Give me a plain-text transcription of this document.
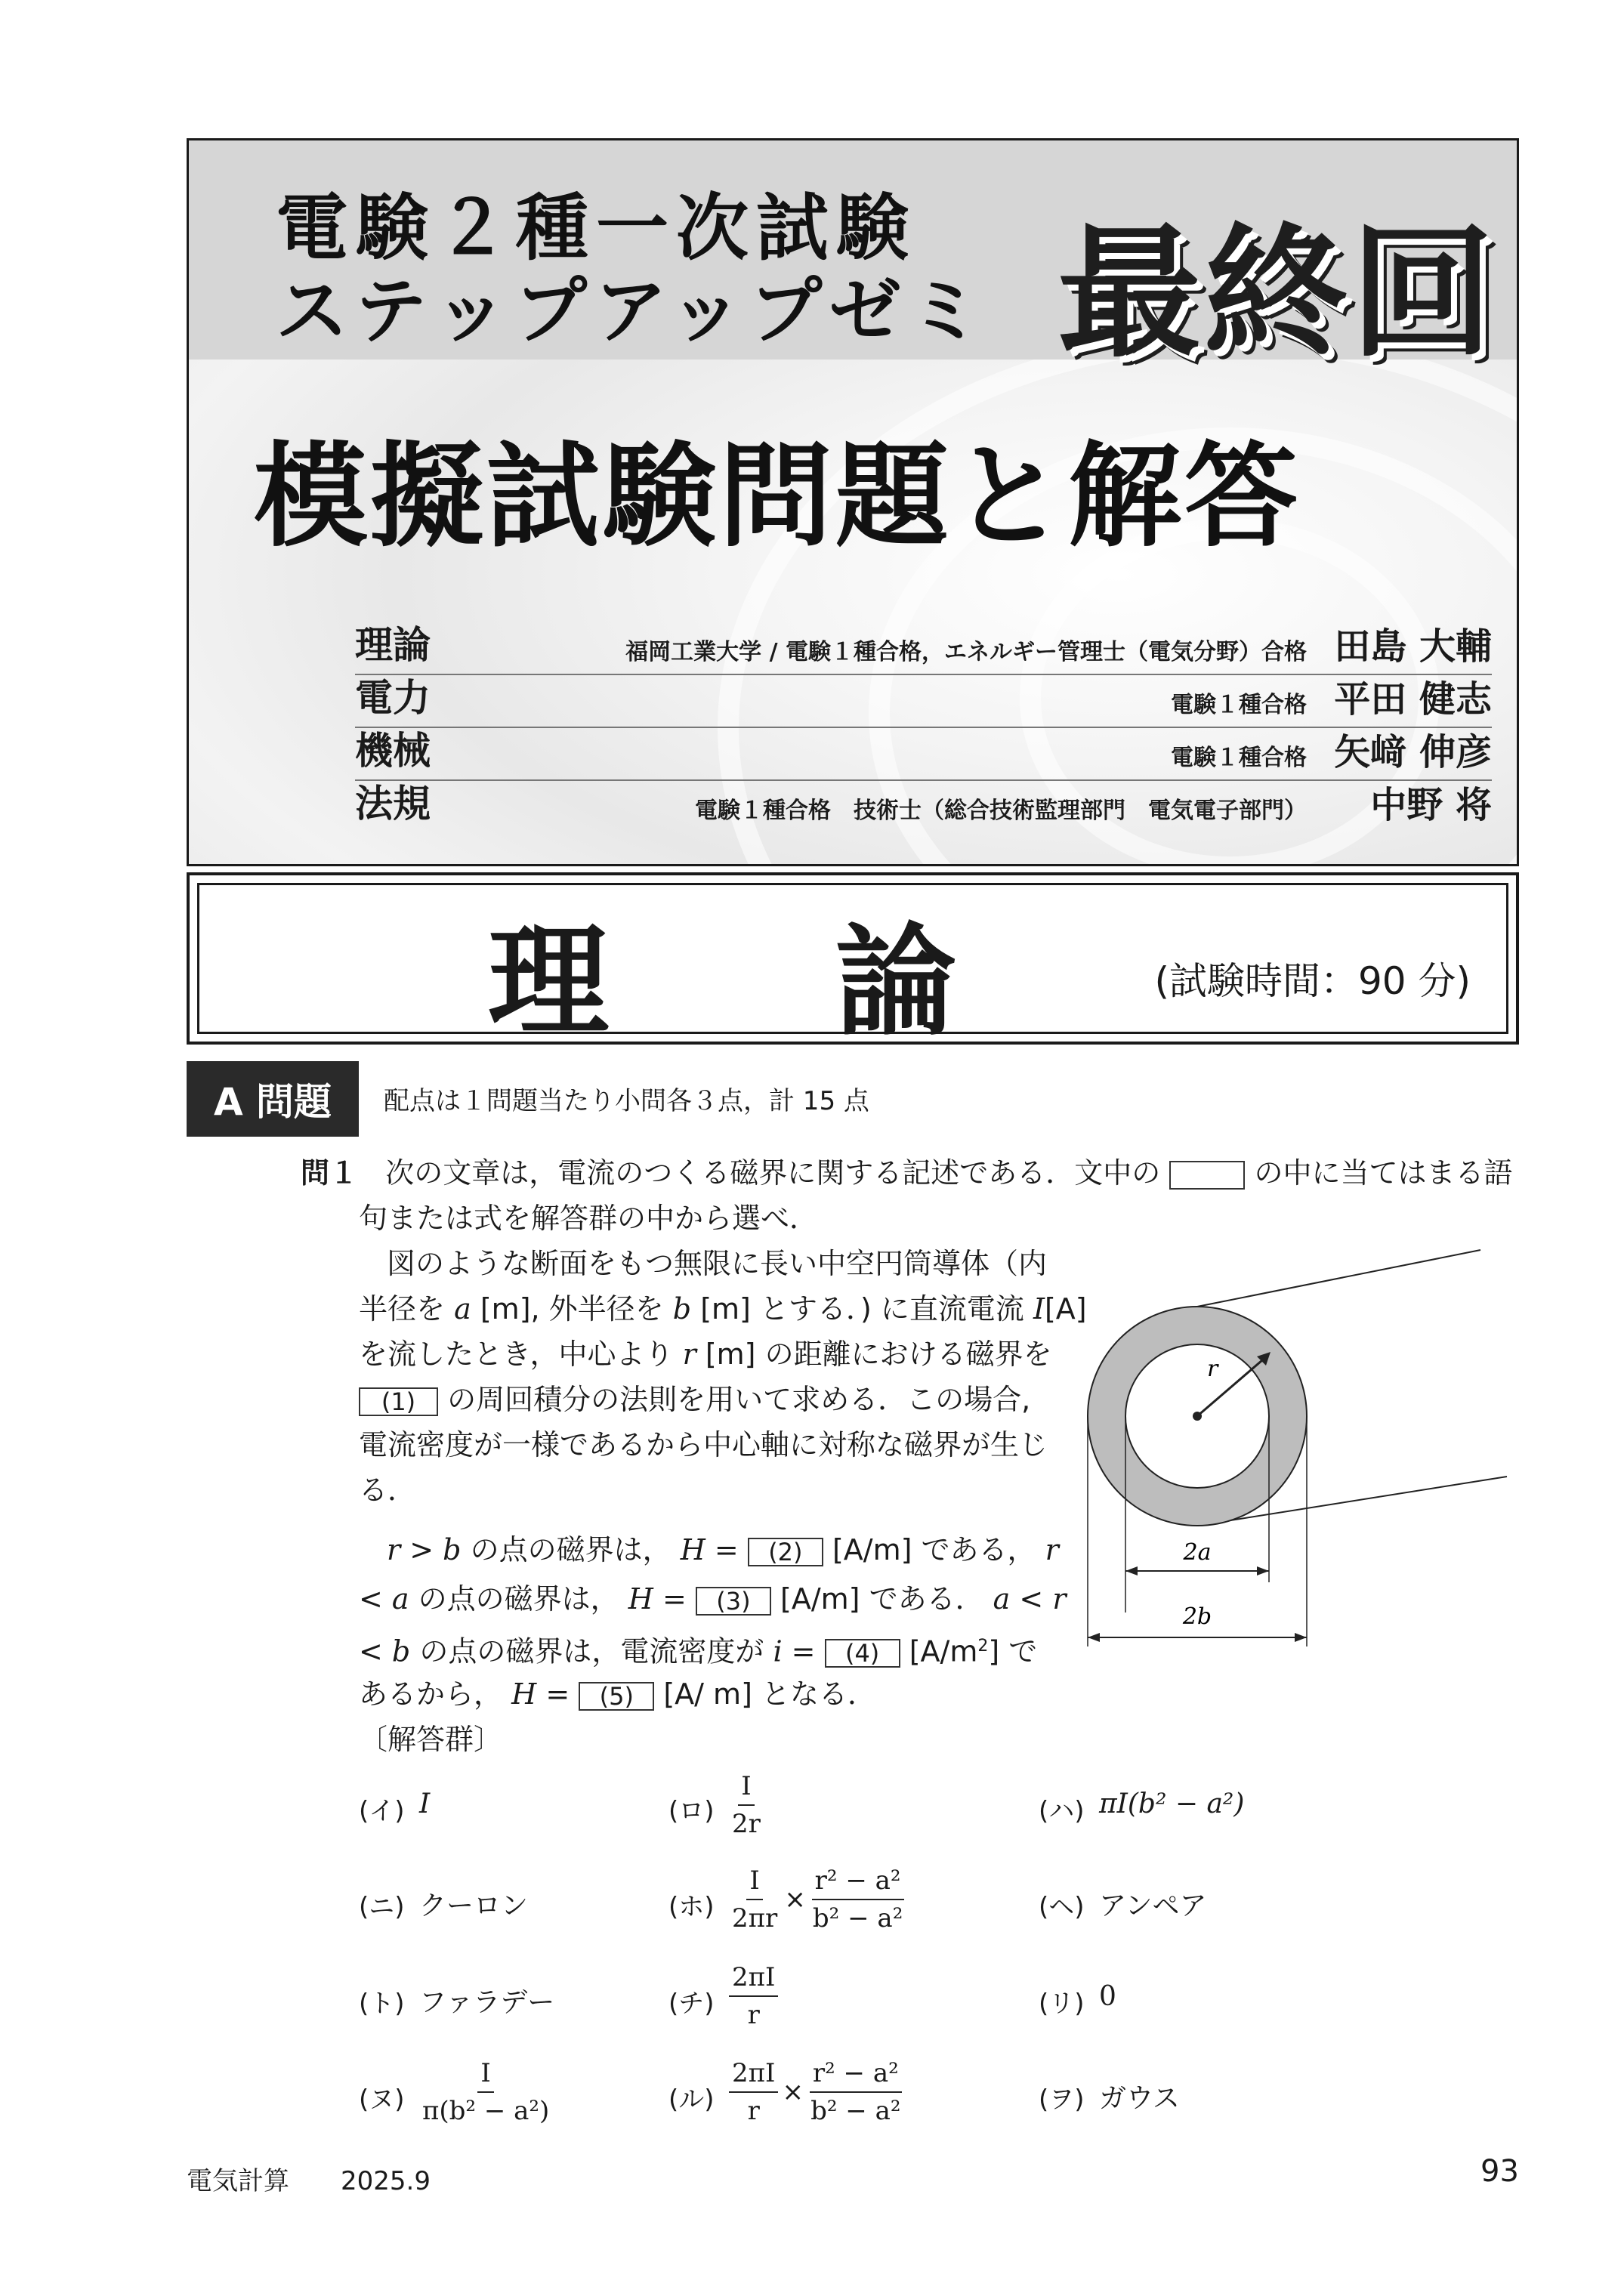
電験２種一次試験
ステップアップゼミ 最終回
模擬試験問題と解答
理論	福岡工業大学 / 電験１種合格，エネルギー管理士（電気分野）合格 田島 大輔
電力	電験１種合格 平田 健志
機械	電験１種合格 矢﨑 伸彦
法規	電験１種合格　技術士（総合技術監理部門　電気電子部門） 中野 将
理論
(試験時間：90 分)
A 問題	配点は１問題当たり小問各３点，計 15 点
問１ 次の文章は，電流のつくる磁界に関する記述である．文中の	の中に当てはまる語
句または式を解答群の中から選べ．
図のような断面をもつ無限に長い中空円筒導体（内
半径を a [m], 外半径を b [m] とする．) に直流電流 I[A]
を流したとき，中心より r [m] の距離における磁界を
(1) の周回積分の法則を用いて求める．この場合,
電流密度が一様であるから中心軸に対称な磁界が生じ
る．
r > b の点の磁界は， H = (2) [A/m] である， r
< a の点の磁界は， H = (3) [A/m] である． a < r
< b の点の磁界は，電流密度が i = (4) $[A/m^2]$ で
あるから， H = (5) [A/ m] となる．
〔解答群〕
r
2a
2b
(イ) I	(ロ) $\frac{I}{2r}$	(ハ) πI(b² − a²)
(ニ) クーロン	(ホ) $\frac{I}{2\pi r} \times \frac{\text{r² − a²}}{\text{b² − a²}}$	(ヘ) アンペア
(ト) ファラデー	(チ) $\frac{2\pi I}{r}$	(リ) 0
(ヌ) $\frac{I}{\text{π(b² − a²)}}$	(ル) $\frac{2\pi I}{r} \times \frac{\text{r² − a²}}{\text{b² − a²}}$	(ヲ) ガウス
電気計算　　2025.9	93
